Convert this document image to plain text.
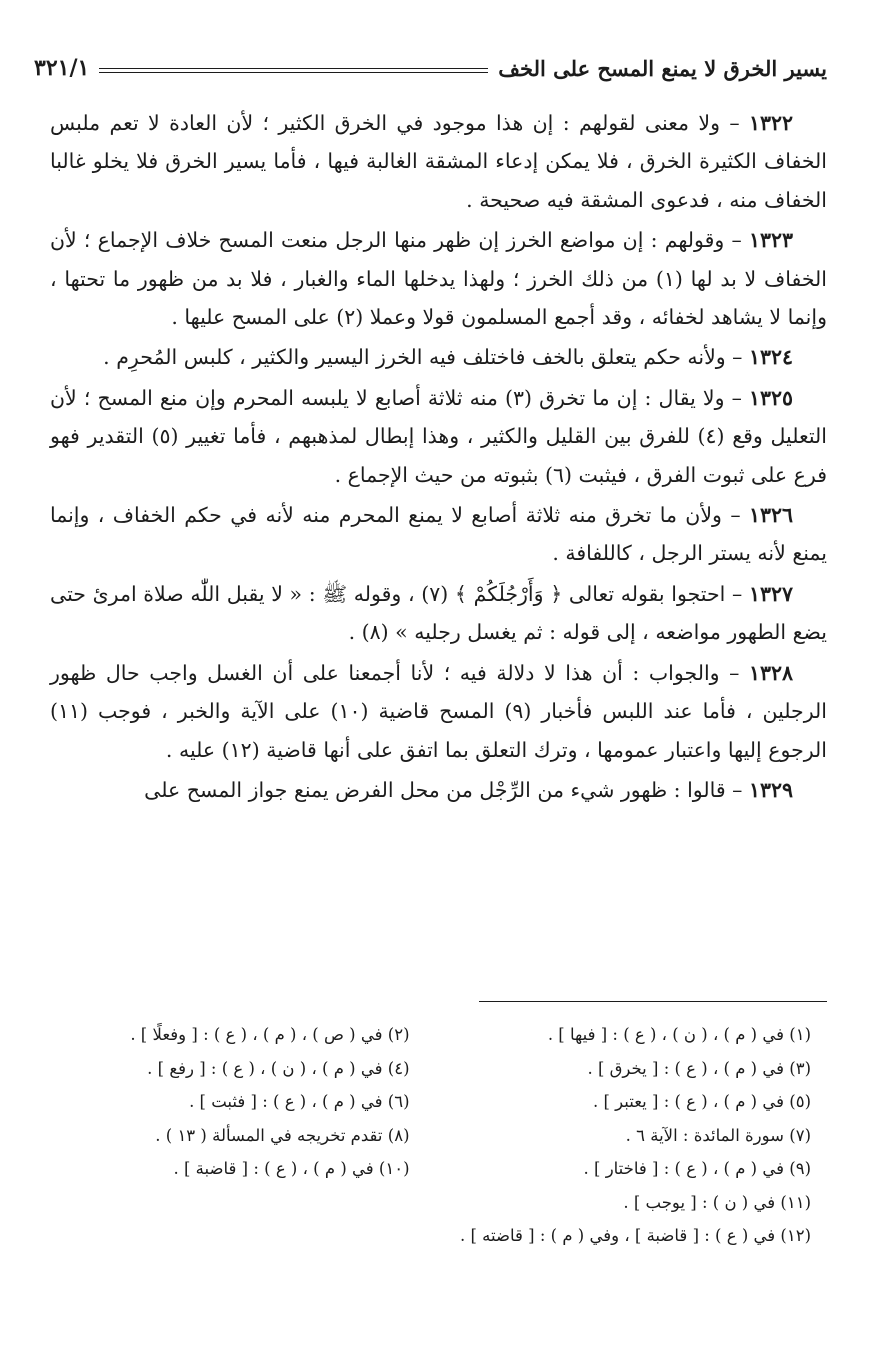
يسير الخرق لا يمنع المسح على الخف
٣٢١/١

١٣٢٢ – ولا معنى لقولهم : إن هذا موجود في الخرق الكثير ؛ لأن العادة لا تعم ملبس الخفاف الكثيرة الخرق ، فلا يمكن إدعاء المشقة الغالبة فيها ، فأما يسير الخرق فلا يخلو غالبا الخفاف منه ، فدعوى المشقة فيه صحيحة .

١٣٢٣ – وقولهم : إن مواضع الخرز إن ظهر منها الرجل منعت المسح خلاف الإجماع ؛ لأن الخفاف لا بد لها (١) من ذلك الخرز ؛ ولهذا يدخلها الماء والغبار ، فلا بد من ظهور ما تحتها ، وإنما لا يشاهد لخفائه ، وقد أجمع المسلمون قولا وعملا (٢) على المسح عليها .

١٣٢٤ – ولأنه حكم يتعلق بالخف فاختلف فيه الخرز اليسير والكثير ، كلبس المُحرِم .

١٣٢٥ – ولا يقال : إن ما تخرق (٣) منه ثلاثة أصابع لا يلبسه المحرم وإن منع المسح ؛ لأن التعليل وقع (٤) للفرق بين القليل والكثير ، وهذا إبطال لمذهبهم ، فأما تغيير (٥) التقدير فهو فرع على ثبوت الفرق ، فيثبت (٦) بثبوته من حيث الإجماع .

١٣٢٦ – ولأن ما تخرق منه ثلاثة أصابع لا يمنع المحرم منه لأنه في حكم الخفاف ، وإنما يمنع لأنه يستر الرجل ، كاللفافة .

١٣٢٧ – احتجوا بقوله تعالى ﴿ وَأَرْجُلَكُمْ ﴾ (٧) ، وقوله ﷺ : « لا يقبل اللّٰه صلاة امرئ حتى يضع الطهور مواضعه ، إلى قوله : ثم يغسل رجليه » (٨) .

١٣٢٨ – والجواب : أن هذا لا دلالة فيه ؛ لأنا أجمعنا على أن الغسل واجب حال ظهور الرجلين ، فأما عند اللبس فأخبار (٩) المسح قاضية (١٠) على الآية والخبر ، فوجب (١١) الرجوع إليها واعتبار عمومها ، وترك التعلق بما اتفق على أنها قاضية (١٢) عليه .

١٣٢٩ – قالوا : ظهور شيء من الرِّجْل من محل الفرض يمنع جواز المسح على

(١) في ( م ) ، ( ن ) ، ( ع ) : [ فيها ] .
(٢) في ( ص ) ، ( م ) ، ( ع ) : [ وفعلًا ] .
(٣) في ( م ) ، ( ع ) : [ يخرق ] .
(٤) في ( م ) ، ( ن ) ، ( ع ) : [ رفع ] .
(٥) في ( م ) ، ( ع ) : [ يعتبر ] .
(٦) في ( م ) ، ( ع ) : [ فثبت ] .
(٧) سورة المائدة : الآية ٦ .
(٨) تقدم تخريجه في المسألة ( ١٣ ) .
(٩) في ( م ) ، ( ع ) : [ فاختار ] .
(١٠) في ( م ) ، ( ع ) : [ قاضبة ] .
(١١) في ( ن ) : [ يوجب ] .
(١٢) في ( ع ) : [ قاضبة ] ، وفي ( م ) : [ قاضته ] .
